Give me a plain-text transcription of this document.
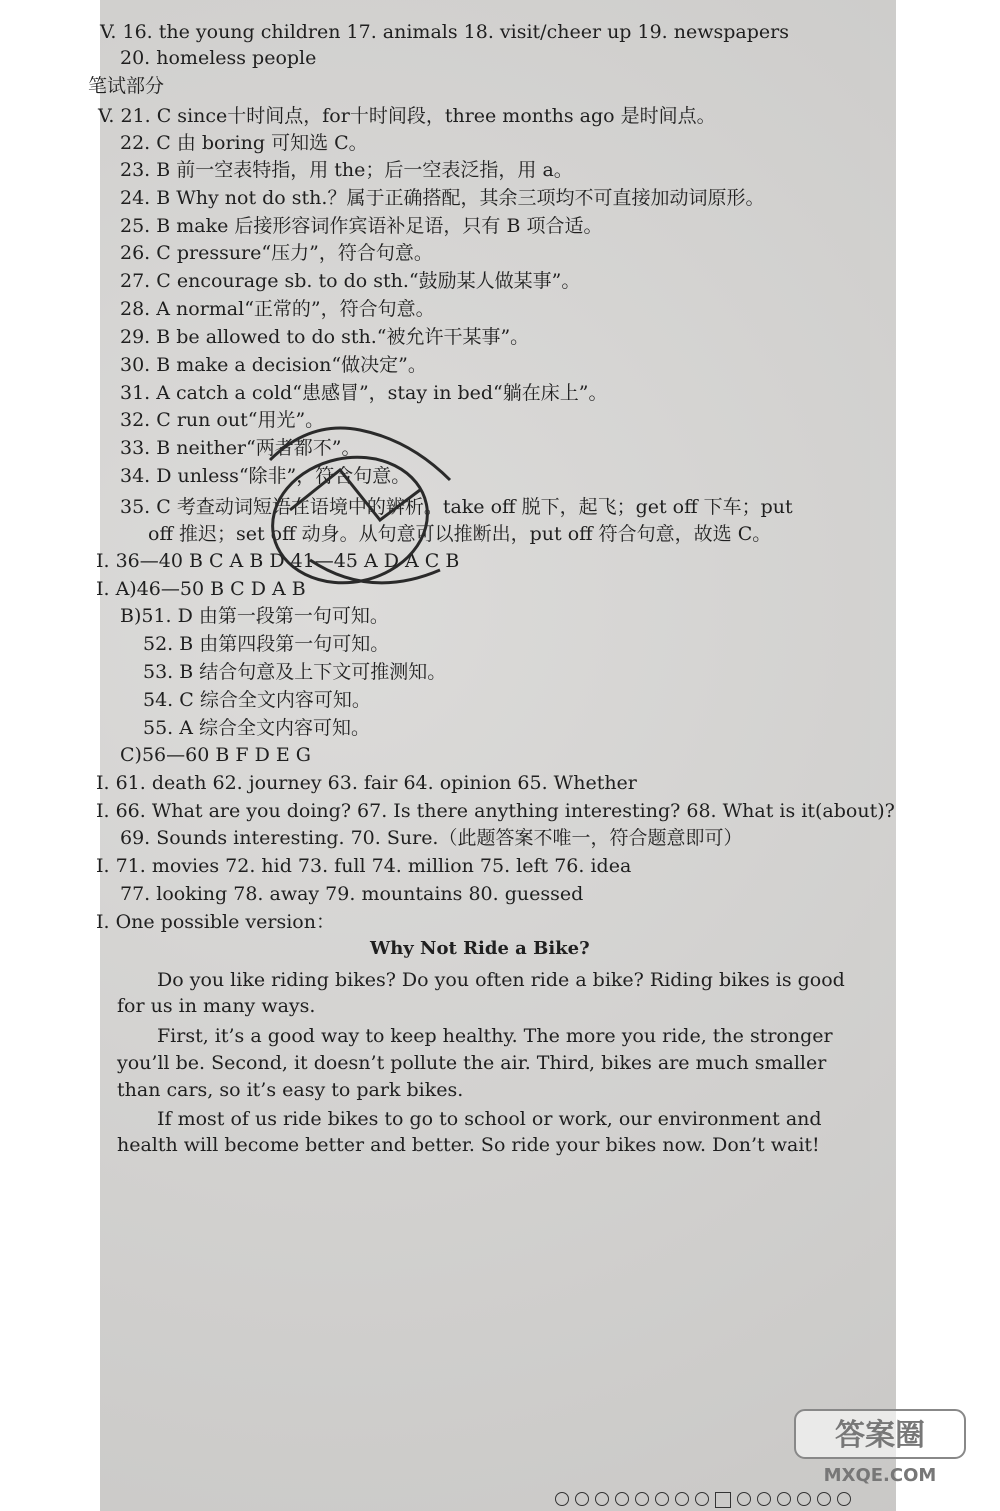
V. 16. the young children 17. animals 18. visit/cheer up 19. newspapers
20. homeless people
笔试部分
V. 21. C since十时间点，for十时间段，three months ago 是时间点。
22. C 由 boring 可知选 C。
23. B 前一空表特指，用 the；后一空表泛指，用 a。
24. B Why not do sth.？属于正确搭配，其余三项均不可直接加动词原形。
25. B make 后接形容词作宾语补足语，只有 B 项合适。
26. C pressure“压力”，符合句意。
27. C encourage sb. to do sth.“鼓励某人做某事”。
28. A normal“正常的”，符合句意。
29. B be allowed to do sth.“被允许干某事”。
30. B make a decision“做决定”。
31. A catch a cold“患感冒”，stay in bed“躺在床上”。
32. C run out“用光”。
33. B neither“两者都不”。
34. D unless“除非”，符合句意。
35. C 考查动词短语在语境中的辨析。take off 脱下，起飞；get off 下车；put
off 推迟；set off 动身。从句意可以推断出，put off 符合句意，故选 C。
I. 36—40 B C A B D 41—45 A D A C B
I. A)46—50 B C D A B
B)51. D 由第一段第一句可知。
52. B 由第四段第一句可知。
53. B 结合句意及上下文可推测知。
54. C 综合全文内容可知。
55. A 综合全文内容可知。
C)56—60 B F D E G
I. 61. death 62. journey 63. fair 64. opinion 65. Whether
I. 66. What are you doing? 67. Is there anything interesting? 68. What is it(about)?
69. Sounds interesting. 70. Sure.（此题答案不唯一，符合题意即可）
I. 71. movies 72. hid 73. full 74. million 75. left 76. idea
77. looking 78. away 79. mountains 80. guessed
I. One possible version：
Do you like riding bikes? Do you often ride a bike? Riding bikes is good
for us in many ways.
First, it’s a good way to keep healthy. The more you ride, the stronger
you’ll be. Second, it doesn’t pollute the air. Third, bikes are much smaller
than cars, so it’s easy to park bikes.
If most of us ride bikes to go to school or work, our environment and
health will become better and better. So ride your bikes now. Don’t wait!
Why Not Ride a Bike?
答案圈
MXQE.COM
